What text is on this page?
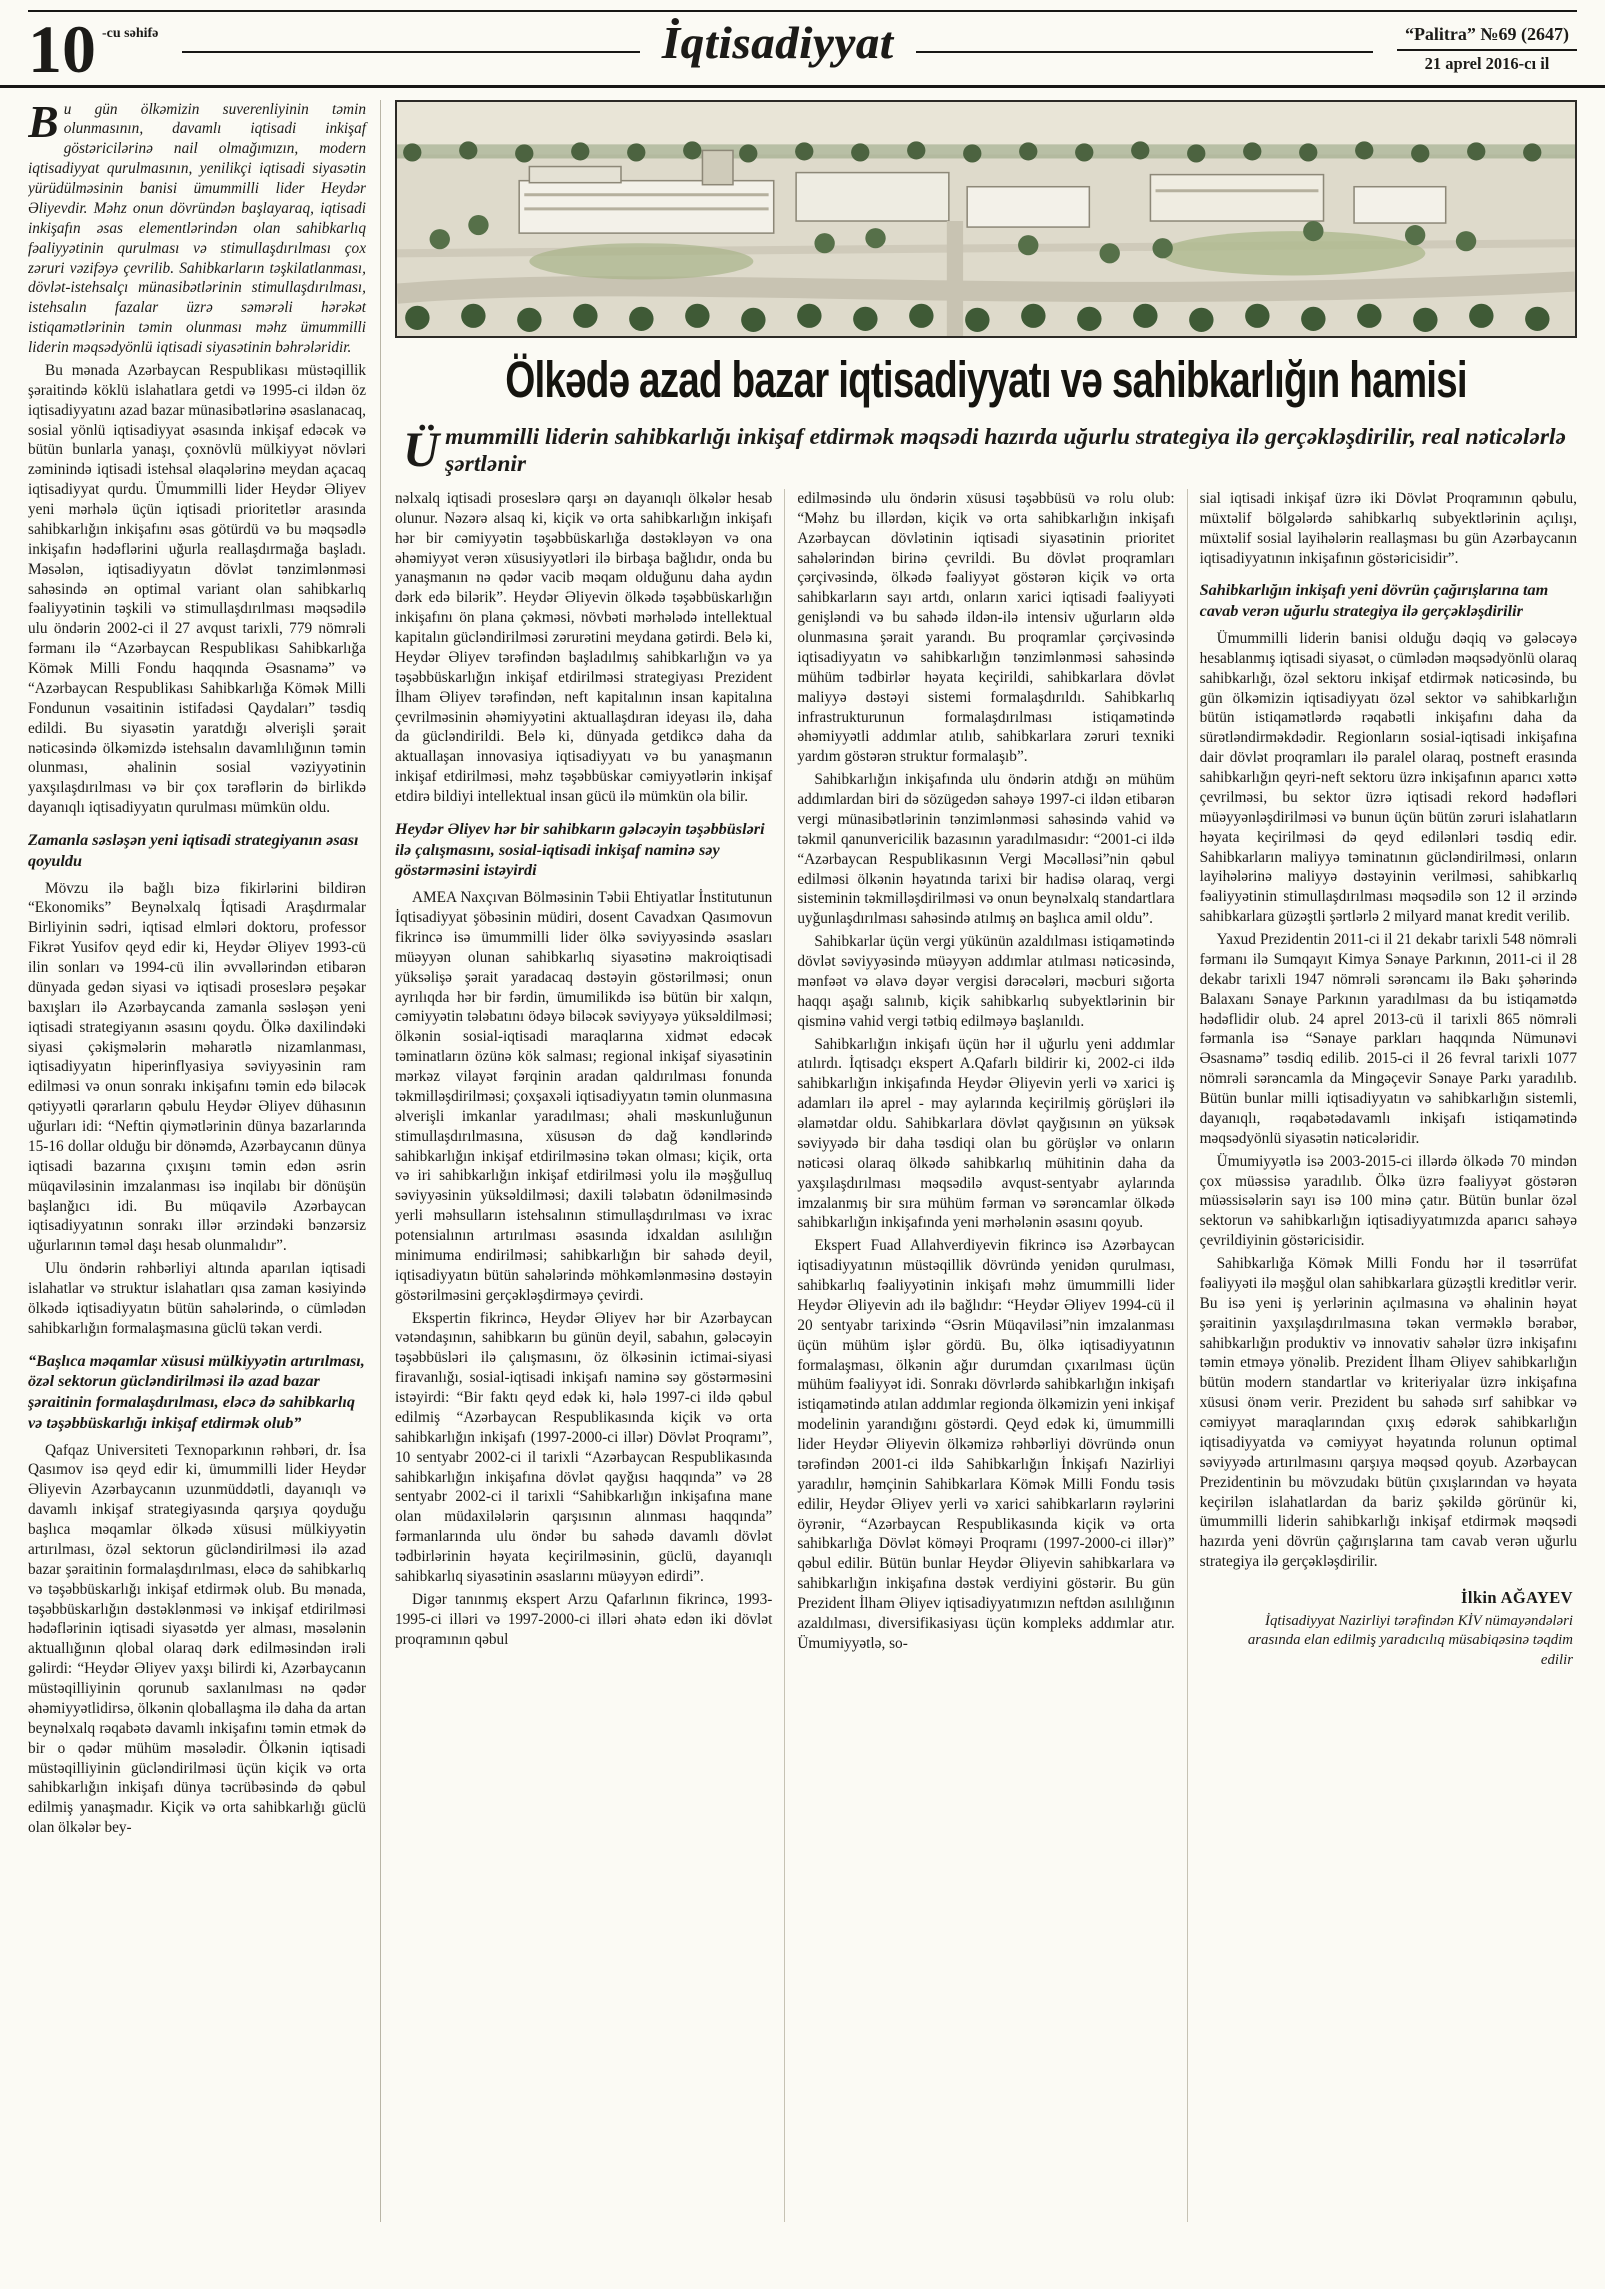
10 -cu səhifə	İqtisadiyyat	“Palitra” №69 (2647)
21 aprel 2016-cı il

Bu gün ölkəmizin suverenliyinin təmin olunmasının, davamlı iqtisadi inkişaf göstəricilərinə nail olmağımızın, modern iqtisadiyyat qurulmasının, yenilikçi iqtisadi siyasətin yürüdülməsinin banisi ümummilli lider Heydər Əliyevdir. Məhz onun dövründən başlayaraq, iqtisadi inkişafın əsas elementlərindən olan sahibkarlıq fəaliyyətinin qurulması və stimullaşdırılması çox zəruri vəzifəyə çevrilib. Sahibkarların təşkilatlanması, dövlət-istehsalçı münasibətlərinin stimullaşdırılması, istehsalın fazalar üzrə səmərəli hərəkət istiqamətlərinin təmin olunması məhz ümummilli liderin məqsədyönlü iqtisadi siyasətinin bəhrələridir.

Bu mənada Azərbaycan Respublikası müstəqillik şəraitində köklü islahatlara getdi və 1995-ci ildən öz iqtisadiyyatını azad bazar münasibətlərinə əsaslanacaq, sosial yönlü iqtisadiyyat əsasında inkişaf edəcək və bütün bunlarla yanaşı, çoxnövlü mülkiyyət növləri zəminində iqtisadi istehsal əlaqələrinə meydan açacaq iqtisadiyyat qurdu. Ümummilli lider Heydər Əliyev yeni mərhələ üçün iqtisadi prioritetlər arasında sahibkarlığın inkişafını əsas götürdü və bu məqsədlə inkişafın hədəflərini uğurla reallaşdırmağa başladı. Məsələn, iqtisadiyyatın dövlət tənzimlənməsi sahəsində ən optimal variant olan sahibkarlıq fəaliyyətinin təşkili və stimullaşdırılması məqsədilə ulu öndərin 2002-ci il 27 avqust tarixli, 779 nömrəli fərmanı ilə “Azərbaycan Respublikası Sahibkarlığa Kömək Milli Fondu haqqında Əsasnamə” və “Azərbaycan Respublikası Sahibkarlığa Kömək Milli Fondunun vəsaitinin istifadəsi Qaydaları” təsdiq edildi. Bu siyasətin yaratdığı əlverişli şərait nəticəsində ölkəmizdə istehsalın davamlılığının təmin olunması, əhalinin sosial vəziyyətinin yaxşılaşdırılması və bir çox tərəflərin də birlikdə dayanıqlı iqtisadiyyatın qurulması mümkün oldu.

Zamanla səsləşən yeni iqtisadi strategiyanın əsası qoyuldu

Mövzu ilə bağlı bizə fikirlərini bildirən “Ekonomiks” Beynəlxalq İqtisadi Araşdırmalar Birliyinin sədri, iqtisad elmləri doktoru, professor Fikrət Yusifov qeyd edir ki, Heydər Əliyev 1993-cü ilin sonları və 1994-cü ilin əvvəllərindən etibarən dünyada gedən siyasi və iqtisadi proseslərə peşəkar baxışları ilə Azərbaycanda zamanla səsləşən yeni iqtisadi strategiyanın əsasını qoydu. Ölkə daxilindəki siyasi çəkişmələrin məharətlə nizamlanması, iqtisadiyyatın hiperinflyasiya səviyyəsinin ram edilməsi və onun sonrakı inkişafını təmin edə biləcək qətiyyətli qərarların qəbulu Heydər Əliyev dühasının uğurları idi: “Neftin qiymətlərinin dünya bazarlarında 15-16 dollar olduğu bir dönəmdə, Azərbaycanın dünya iqtisadi bazarına çıxışını təmin edən əsrin müqaviləsinin imzalanması isə inqilabı bir dönüşün başlanğıcı idi. Bu müqavilə Azərbaycan iqtisadiyyatının sonrakı illər ərzindəki bənzərsiz uğurlarının təməl daşı hesab olunmalıdır”.

Ulu öndərin rəhbərliyi altında aparılan iqtisadi islahatlar və struktur islahatları qısa zaman kəsiyində ölkədə iqtisadiyyatın bütün sahələrində, o cümlədən sahibkarlığın formalaşmasına güclü təkan verdi.

“Başlıca məqamlar xüsusi mülkiyyətin artırılması, özəl sektorun gücləndirilməsi ilə azad bazar şəraitinin formalaşdırılması, eləcə də sahibkarlıq və təşəbbüskarlığı inkişaf etdirmək olub”

Qafqaz Universiteti Texnoparkının rəhbəri, dr. İsa Qasımov isə qeyd edir ki, ümummilli lider Heydər Əliyevin Azərbaycanın uzunmüddətli, dayanıqlı və davamlı inkişaf strategiyasında qarşıya qoyduğu başlıca məqamlar ölkədə xüsusi mülkiyyətin artırılması, özəl sektorun gücləndirilməsi ilə azad bazar şəraitinin formalaşdırılması, eləcə də sahibkarlıq və təşəbbüskarlığı inkişaf etdirmək olub. Bu mənada, təşəbbüskarlığın dəstəklənməsi və inkişaf etdirilməsi hədəflərinin iqtisadi siyasətdə yer alması, məsələnin aktuallığının qlobal olaraq dərk edilməsindən irəli gəlirdi: “Heydər Əliyev yaxşı bilirdi ki, Azərbaycanın müstəqilliyinin qorunub saxlanılması nə qədər əhəmiyyətlidirsə, ölkənin qloballaşma ilə daha da artan beynəlxalq rəqabətə davamlı inkişafını təmin etmək də bir o qədər mühüm məsələdir. Ölkənin iqtisadi müstəqilliyinin gücləndirilməsi üçün kiçik və orta sahibkarlığın inkişafı dünya təcrübəsində də qəbul edilmiş yanaşmadır. Kiçik və orta sahibkarlığı güclü olan ölkələr bey-

Ölkədə azad bazar iqtisadiyyatı və sahibkarlığın hamisi

Ümummilli liderin sahibkarlığı inkişaf etdirmək məqsədi hazırda uğurlu strategiya ilə gerçəkləşdirilir, real nəticələrlə şərtlənir

nəlxalq iqtisadi proseslərə qarşı ən dayanıqlı ölkələr hesab olunur. Nəzərə alsaq ki, kiçik və orta sahibkarlığın inkişafı hər bir cəmiyyətin təşəbbüskarlığa dəstəkləyən və ona əhəmiyyət verən xüsusiyyətləri ilə birbaşa bağlıdır, onda bu yanaşmanın nə qədər vacib məqam olduğunu daha aydın dərk edə bilərik”. Heydər Əliyevin ölkədə təşəbbüskarlığın inkişafını ön plana çəkməsi, növbəti mərhələdə intellektual kapitalın gücləndirilməsi zərurətini meydana gətirdi. Belə ki, Heydər Əliyev tərəfindən başladılmış sahibkarlığın və ya təşəbbüskarlığın inkişaf etdirilməsi strategiyası Prezident İlham Əliyev tərəfindən, neft kapitalının insan kapitalına çevrilməsinin əhəmiyyətini aktuallaşdıran ideyası ilə, daha da gücləndirildi. Belə ki, dünyada getdikcə daha da aktuallaşan innovasiya iqtisadiyyatı və bu yanaşmanın inkişaf etdirilməsi, məhz təşəbbüskar cəmiyyətlərin inkişaf etdirə bildiyi intellektual insan gücü ilə mümkün ola bilir.

Heydər Əliyev hər bir sahibkarın gələcəyin təşəbbüsləri ilə çalışmasını, sosial-iqtisadi inkişaf naminə səy göstərməsini istəyirdi

AMEA Naxçıvan Bölməsinin Təbii Ehtiyatlar İnstitutunun İqtisadiyyat şöbəsinin müdiri, dosent Cavadxan Qasımovun fikrincə isə ümummilli lider ölkə səviyyəsində əsasları müəyyən olunan sahibkarlıq siyasətinə makroiqtisadi yüksəlişə şərait yaradacaq dəstəyin göstərilməsi; onun ayrılıqda hər bir fərdin, ümumilikdə isə bütün bir xalqın, cəmiyyətin tələbatını ödəyə biləcək səviyyəyə yüksəldilməsi; ölkənin sosial-iqtisadi maraqlarına xidmət edəcək təminatların özünə kök salması; regional inkişaf siyasətinin mərkəz vilayət fərqinin aradan qaldırılması fonunda təkmilləşdirilməsi; çoxşaxəli iqtisadiyyatın təmin olunmasına əlverişli imkanlar yaradılması; əhali məskunluğunun stimullaşdırılmasına, xüsusən də dağ kəndlərində sahibkarlığın inkişaf etdirilməsinə təkan olması; kiçik, orta və iri sahibkarlığın inkişaf etdirilməsi yolu ilə məşğulluq səviyyəsinin yüksəldilməsi; daxili tələbatın ödənilməsində yerli məhsulların istehsalının stimullaşdırılması və ixrac potensialının artırılması əsasında idxaldan asılılığın minimuma endirilməsi; sahibkarlığın bir sahədə deyil, iqtisadiyyatın bütün sahələrində möhkəmlənməsinə dəstəyin göstərilməsini gerçəkləşdirməyə çevirdi.

Ekspertin fikrincə, Heydər Əliyev hər bir Azərbaycan vətəndaşının, sahibkarın bu günün deyil, sabahın, gələcəyin təşəbbüsləri ilə çalışmasını, öz ölkəsinin ictimai-siyasi firavanlığı, sosial-iqtisadi inkişafı naminə səy göstərməsini istəyirdi: “Bir faktı qeyd edək ki, hələ 1997-ci ildə qəbul edilmiş “Azərbaycan Respublikasında kiçik və orta sahibkarlığın inkişafı (1997-2000-ci illər) Dövlət Proqramı”, 10 sentyabr 2002-ci il tarixli “Azərbaycan Respublikasında sahibkarlığın inkişafına dövlət qayğısı haqqında” və 28 sentyabr 2002-ci il tarixli “Sahibkarlığın inkişafına mane olan müdaxilələrin qarşısının alınması haqqında” fərmanlarında ulu öndər bu sahədə davamlı dövlət tədbirlərinin həyata keçirilməsinin, güclü, dayanıqlı sahibkarlıq siyasətinin əsaslarını müəyyən edirdi”.

Digər tanınmış ekspert Arzu Qafarlının fikrincə, 1993-1995-ci illəri və 1997-2000-ci illəri əhatə edən iki dövlət proqramının qəbul

edilməsində ulu öndərin xüsusi təşəbbüsü və rolu olub: “Məhz bu illərdən, kiçik və orta sahibkarlığın inkişafı Azərbaycan dövlətinin iqtisadi siyasətinin prioritet sahələrindən birinə çevrildi. Bu dövlət proqramları çərçivəsində, ölkədə fəaliyyət göstərən kiçik və orta sahibkarların sayı artdı, onların xarici iqtisadi fəaliyyəti genişləndi və bu sahədə ildən-ilə intensiv uğurların əldə olunmasına şərait yarandı. Bu proqramlar çərçivəsində iqtisadiyyatın və sahibkarlığın tənzimlənməsi sahəsində mühüm tədbirlər həyata keçirildi, sahibkarlara dövlət maliyyə dəstəyi sistemi formalaşdırıldı. Sahibkarlıq infrastrukturunun formalaşdırılması istiqamətində əhəmiyyətli addımlar atılıb, sahibkarlara zəruri texniki yardım göstərən struktur formalaşıb”.

Sahibkarlığın inkişafında ulu öndərin atdığı ən mühüm addımlardan biri də sözügedən sahəyə 1997-ci ildən etibarən vergi münasibətlərinin tənzimlənməsi sahəsində vahid və təkmil qanunvericilik bazasının yaradılmasıdır: “2001-ci ildə “Azərbaycan Respublikasının Vergi Məcəlləsi”nin qəbul edilməsi ölkənin həyatında tarixi bir hadisə olaraq, vergi sisteminin təkmilləşdirilməsi və onun beynəlxalq standartlara uyğunlaşdırılması sahəsində atılmış ən başlıca amil oldu”.

Sahibkarlar üçün vergi yükünün azaldılması istiqamətində dövlət səviyyəsində müəyyən addımlar atılması nəticəsində, mənfəət və əlavə dəyər vergisi dərəcələri, məcburi sığorta haqqı aşağı salınıb, kiçik sahibkarlıq subyektlərinin bir qisminə vahid vergi tətbiq edilməyə başlanıldı.

Sahibkarlığın inkişafı üçün hər il uğurlu yeni addımlar atılırdı. İqtisadçı ekspert A.Qafarlı bildirir ki, 2002-ci ildə sahibkarlığın inkişafında Heydər Əliyevin yerli və xarici iş adamları ilə aprel - may aylarında keçirilmiş görüşləri ilə əlamətdar oldu. Sahibkarlara dövlət qayğısının ən yüksək səviyyədə bir daha təsdiqi olan bu görüşlər və onların nəticəsi olaraq ölkədə sahibkarlıq mühitinin daha da yaxşılaşdırılması məqsədilə avqust-sentyabr aylarında imzalanmış bir sıra mühüm fərman və sərəncamlar ölkədə sahibkarlığın inkişafında yeni mərhələnin əsasını qoyub.

Ekspert Fuad Allahverdiyevin fikrincə isə Azərbaycan iqtisadiyyatının müstəqillik dövründə yenidən qurulması, sahibkarlıq fəaliyyətinin inkişafı məhz ümummilli lider Heydər Əliyevin adı ilə bağlıdır: “Heydər Əliyev 1994-cü il 20 sentyabr tarixində “Əsrin Müqaviləsi”nin imzalanması üçün mühüm işlər gördü. Bu, ölkə iqtisadiyyatının formalaşması, ölkənin ağır durumdan çıxarılması üçün mühüm fəaliyyət idi. Sonrakı dövrlərdə sahibkarlığın inkişafı istiqamətində atılan addımlar regionda ölkəmizin yeni inkişaf modelinin yarandığını göstərdi. Qeyd edək ki, ümummilli lider Heydər Əliyevin ölkəmizə rəhbərliyi dövründə onun tərəfindən 2001-ci ildə Sahibkarlığın İnkişafı Nazirliyi yaradılır, həmçinin Sahibkarlara Kömək Milli Fondu təsis edilir, Heydər Əliyev yerli və xarici sahibkarların rəylərini öyrənir, “Azərbaycan Respublikasında kiçik və orta sahibkarlığa Dövlət köməyi Proqramı (1997-2000-ci illər)” qəbul edilir. Bütün bunlar Heydər Əliyevin sahibkarlara və sahibkarlığın inkişafına dəstək verdiyini göstərir. Bu gün Prezident İlham Əliyev iqtisadiyyatımızın neftdən asılılığının azaldılması, diversifikasiyası üçün kompleks addımlar atır. Ümumiyyətlə, so-

sial iqtisadi inkişaf üzrə iki Dövlət Proqramının qəbulu, müxtəlif bölgələrdə sahibkarlıq subyektlərinin açılışı, müxtəlif sosial layihələrin reallaşması bu gün Azərbaycanın iqtisadiyyatının inkişafının göstəricisidir”.

Sahibkarlığın inkişafı yeni dövrün çağırışlarına tam cavab verən uğurlu strategiya ilə gerçəkləşdirilir

Ümummilli liderin banisi olduğu dəqiq və gələcəyə hesablanmış iqtisadi siyasət, o cümlədən məqsədyönlü olaraq sahibkarlığı, özəl sektoru inkişaf etdirmək nəticəsində, bu gün ölkəmizin iqtisadiyyatı özəl sektor və sahibkarlığın bütün istiqamətlərdə rəqabətli inkişafını daha da sürətləndirməkdədir. Regionların sosial-iqtisadi inkişafına dair dövlət proqramları ilə paralel olaraq, postneft erasında sahibkarlığın qeyri-neft sektoru üzrə inkişafının aparıcı xəttə çevrilməsi, bu sektor üzrə iqtisadi rekord hədəfləri müəyyənləşdirilməsi və bunun üçün bütün zəruri islahatların həyata keçirilməsi də qeyd edilənləri təsdiq edir. Sahibkarların maliyyə təminatının gücləndirilməsi, onların layihələrinə maliyyə dəstəyinin verilməsi, sahibkarlıq fəaliyyətinin stimullaşdırılması məqsədilə son 12 il ərzində sahibkarlara güzəştli şərtlərlə 2 milyard manat kredit verilib.

Yaxud Prezidentin 2011-ci il 21 dekabr tarixli 548 nömrəli fərmanı ilə Sumqayıt Kimya Sənaye Parkının, 2011-ci il 28 dekabr tarixli 1947 nömrəli sərəncamı ilə Bakı şəhərində Balaxanı Sənaye Parkının yaradılması da bu istiqamətdə hədəflidir olub. 24 aprel 2013-cü il tarixli 865 nömrəli fərmanla isə “Sənaye parkları haqqında Nümunəvi Əsasnamə” təsdiq edilib. 2015-ci il 26 fevral tarixli 1077 nömrəli sərəncamla da Mingəçevir Sənaye Parkı yaradılıb. Bütün bunlar milli iqtisadiyyatın və sahibkarlığın sistemli, dayanıqlı, rəqabətədavamlı inkişafı istiqamətində məqsədyönlü siyasətin nəticələridir.

Ümumiyyətlə isə 2003-2015-ci illərdə ölkədə 70 mindən çox müəssisə yaradılıb. Ölkə üzrə fəaliyyət göstərən müəssisələrin sayı isə 100 minə çatır. Bütün bunlar özəl sektorun və sahibkarlığın iqtisadiyyatımızda aparıcı sahəyə çevrildiyinin göstəricisidir.

Sahibkarlığa Kömək Milli Fondu hər il təsərrüfat fəaliyyəti ilə məşğul olan sahibkarlara güzəştli kreditlər verir. Bu isə yeni iş yerlərinin açılmasına və əhalinin həyat şəraitinin yaxşılaşdırılmasına təkan verməklə bərabər, sahibkarlığın produktiv və innovativ sahələr üzrə inkişafını təmin etməyə yönəlib. Prezident İlham Əliyev sahibkarlığın bütün modern standartlar və kriteriyalar üzrə inkişafına xüsusi önəm verir. Prezident bu sahədə sırf sahibkar və cəmiyyət maraqlarından çıxış edərək sahibkarlığın iqtisadiyyatda və cəmiyyət həyatında rolunun optimal səviyyədə artırılmasını qarşıya məqsəd qoyub. Azərbaycan Prezidentinin bu mövzudakı bütün çıxışlarından və həyata keçirilən islahatlardan da bariz şəkildə görünür ki, ümummilli liderin sahibkarlığı inkişaf etdirmək məqsədi hazırda yeni dövrün çağırışlarına tam cavab verən uğurlu strategiya ilə gerçəkləşdirilir.

İlkin AĞAYEV

İqtisadiyyat Nazirliyi tərəfindən KİV nümayəndələri arasında elan edilmiş yaradıcılıq müsabiqəsinə təqdim edilir
